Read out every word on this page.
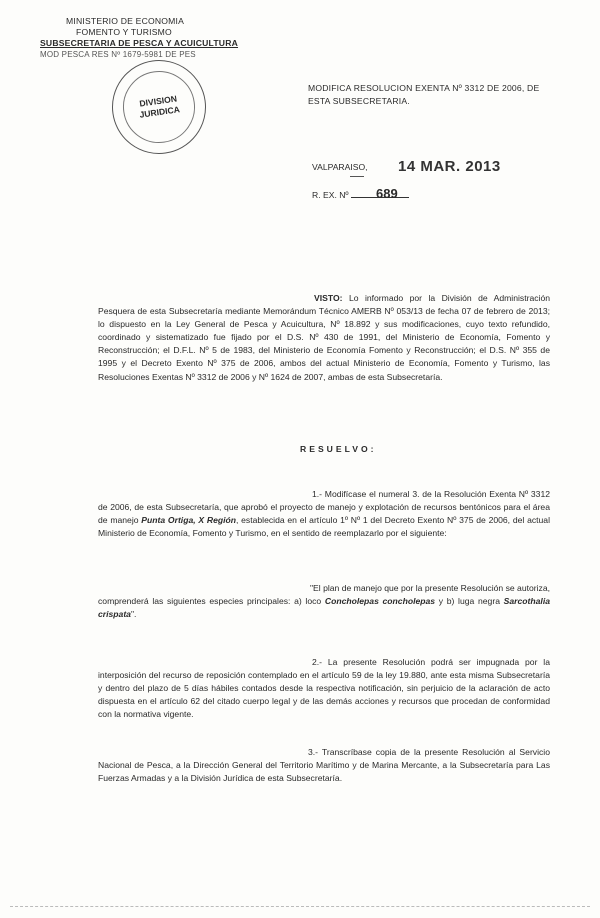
MINISTERIO DE ECONOMIA
FOMENTO Y TURISMO
SUBSECRETARIA DE PESCA Y ACUICULTURA
MOD PESCA RES Nº 1679-5981 DE PES
DIVISION
JURIDICA
MODIFICA RESOLUCION EXENTA Nº 3312 DE 2006, DE
ESTA SUBSECRETARIA.
VALPARAISO, 14 MAR. 2013
R. EX. Nº	689
VISTO: Lo informado por la División de Administración Pesquera de esta Subsecretaría mediante Memorándum Técnico AMERB Nº 053/13 de fecha 07 de febrero de 2013; lo dispuesto en la Ley General de Pesca y Acuicultura, Nº 18.892 y sus modificaciones, cuyo texto refundido, coordinado y sistematizado fue fijado por el D.S. Nº 430 de 1991, del Ministerio de Economía, Fomento y Reconstrucción; el D.F.L. Nº 5 de 1983, del Ministerio de Economía Fomento y Reconstrucción; el D.S. Nº 355 de 1995 y el Decreto Exento Nº 375 de 2006, ambos del actual Ministerio de Economía, Fomento y Turismo, las Resoluciones Exentas Nº 3312 de 2006 y Nº 1624 de 2007, ambas de esta Subsecretaría.
RESUELVO:
1.- Modifícase el numeral 3. de la Resolución Exenta Nº 3312 de 2006, de esta Subsecretaría, que aprobó el proyecto de manejo y explotación de recursos bentónicos para el área de manejo Punta Ortiga, X Región, establecida en el artículo 1º Nº 1 del Decreto Exento Nº 375 de 2006, del actual Ministerio de Economía, Fomento y Turismo, en el sentido de reemplazarlo por el siguiente:
"El plan de manejo que por la presente Resolución se autoriza, comprenderá las siguientes especies principales: a) loco Concholepas concholepas y b) luga negra Sarcothalia crispata".
2.- La presente Resolución podrá ser impugnada por la interposición del recurso de reposición contemplado en el artículo 59 de la ley 19.880, ante esta misma Subsecretaría y dentro del plazo de 5 días hábiles contados desde la respectiva notificación, sin perjuicio de la aclaración de acto dispuesta en el artículo 62 del citado cuerpo legal y de las demás acciones y recursos que procedan de conformidad con la normativa vigente.
3.- Transcríbase copia de la presente Resolución al Servicio Nacional de Pesca, a la Dirección General del Territorio Marítimo y de Marina Mercante, a la Subsecretaría para Las Fuerzas Armadas y a la División Jurídica de esta Subsecretaría.
